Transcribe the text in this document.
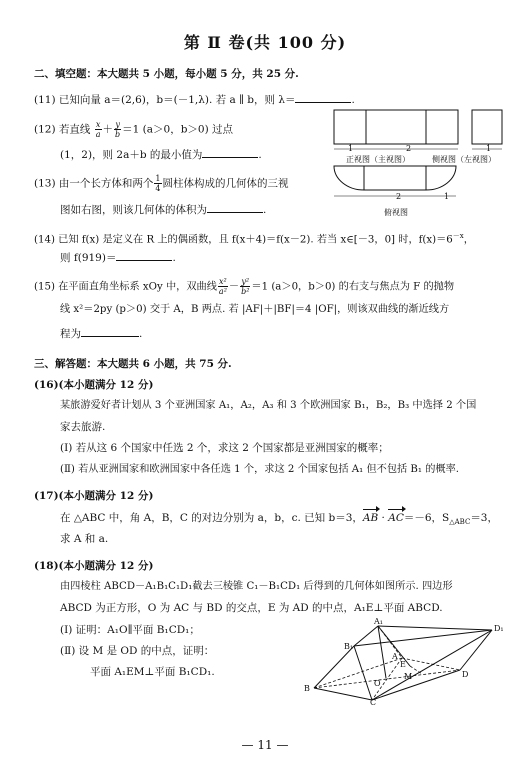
第 Ⅱ 卷(共 100 分)
二、填空题：本大题共 5 小题，每小题 5 分，共 25 分.
(11) 已知向量 a＝(2,6)，b＝(－1,λ). 若 a ∥ b，则 λ＝	.
(12) 若直线 $\frac{x}{a} + \frac{y}{b} =1$ (a＞0，b＞0) 过点
(1，2)，则 2a＋b 的最小值为	.
(13) 由一个长方体和两个 $\frac{1}{4}$ 圆柱体构成的几何体的三视
图如右图，则该几何体的体积为	.
2
1	1
正视图（主视图）	侧视图（左视图）
2	1
俯视图
(14) 已知 f(x) 是定义在 R 上的偶函数，且 f(x＋4)＝f(x－2). 若当 x∈[－3，0] 时，$f(x)=6^{-x}$，
则 f(919)＝	.
(15) 在平面直角坐标系 xOy 中，双曲线 $\frac{\text{x²}}{\text{a²}} - \frac{\text{y²}}{\text{b²}} =1$ (a＞0，b＞0) 的右支与焦点为 F 的抛物
线 x²＝2py (p＞0) 交于 A，B 两点. 若 |AF|＋|BF|＝4 |OF|，则该双曲线的渐近线方
程为	.
三、解答题：本大题共 6 小题，共 75 分.
(16)(本小题满分 12 分)
某旅游爱好者计划从 3 个亚洲国家 A₁，A₂，A₃ 和 3 个欧洲国家 B₁，B₂，B₃ 中选择 2 个国
家去旅游.
(Ⅰ) 若从这 6 个国家中任选 2 个，求这 2 个国家都是亚洲国家的概率；
(Ⅱ) 若从亚洲国家和欧洲国家中各任选 1 个，求这 2 个国家包括 A₁ 但不包括 B₁ 的概率.
(17)(本小题满分 12 分)
在 △ABC 中，角 A，B，C 的对边分别为 a，b，c. 已知 b＝3，AB · AC＝－6，$S_{\triangle ABC}=3$，
求 A 和 a.
(18)(本小题满分 12 分)
由四棱柱 ABCD－A₁B₁C₁D₁截去三棱锥 C₁－B₁CD₁ 后得到的几何体如图所示. 四边形
ABCD 为正方形，O 为 AC 与 BD 的交点，E 为 AD 的中点，A₁E⊥平面 ABCD.
(Ⅰ) 证明：A₁O∥平面 B₁CD₁；
(Ⅱ) 设 M 是 OD 的中点，证明：
平面 A₁EM⊥平面 B₁CD₁.
A₁
D₁
B₁
A
D
E
M
O
B
C
— 11 —
